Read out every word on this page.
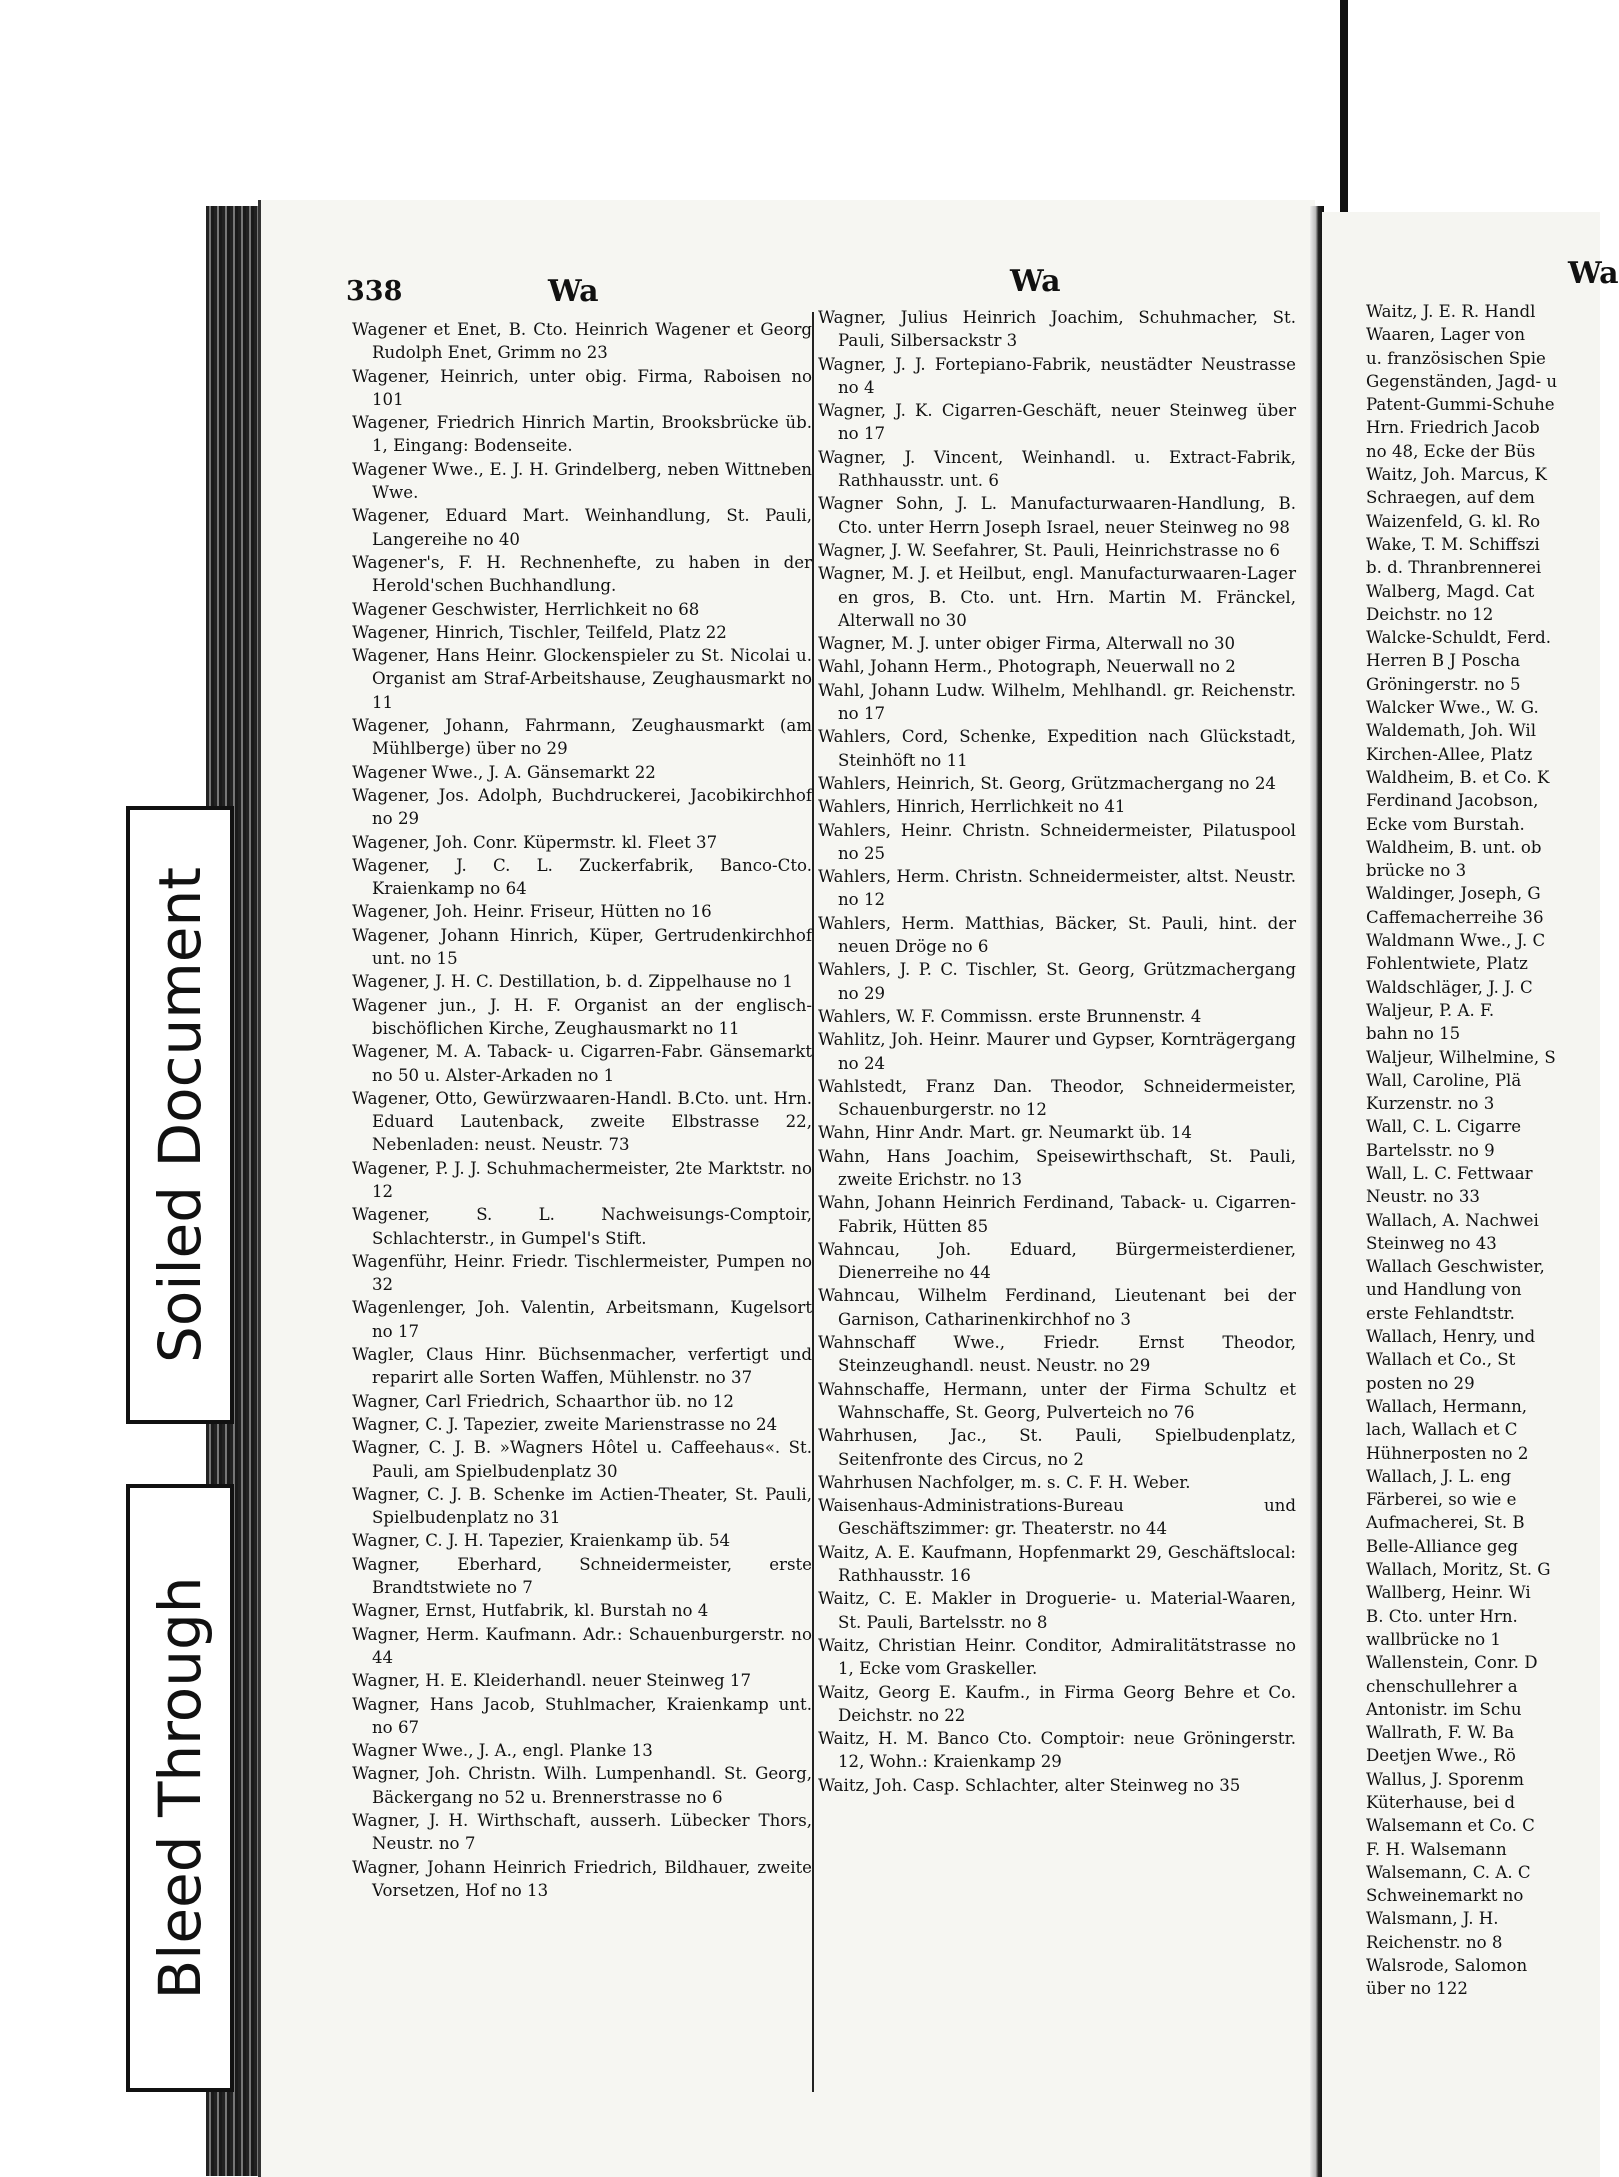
Soiled Document
Bleed Through
338	Wa	Wa	Wa
Wagener et Enet, B. Cto. Heinrich Wagener et Georg Rudolph Enet, Grimm no 23
Wagener, Heinrich, unter obig. Firma, Raboisen no 101
Wagener, Friedrich Hinrich Martin, Brooksbrücke üb. 1, Eingang: Bodenseite.
Wagener Wwe., E. J. H. Grindelberg, neben Wittneben Wwe.
Wagener, Eduard Mart. Weinhandlung, St. Pauli, Langereihe no 40
Wagener's, F. H. Rechnenhefte, zu haben in der Herold'schen Buchhandlung.
Wagener Geschwister, Herrlichkeit no 68
Wagener, Hinrich, Tischler, Teilfeld, Platz 22
Wagener, Hans Heinr. Glockenspieler zu St. Nicolai u. Organist am Straf-Arbeitshause, Zeughausmarkt no 11
Wagener, Johann, Fahrmann, Zeughausmarkt (am Mühlberge) über no 29
Wagener Wwe., J. A. Gänsemarkt 22
Wagener, Jos. Adolph, Buchdruckerei, Jacobikirchhof no 29
Wagener, Joh. Conr. Küpermstr. kl. Fleet 37
Wagener, J. C. L. Zuckerfabrik, Banco-Cto. Kraienkamp no 64
Wagener, Joh. Heinr. Friseur, Hütten no 16
Wagener, Johann Hinrich, Küper, Gertrudenkirchhof unt. no 15
Wagener, J. H. C. Destillation, b. d. Zippelhause no 1
Wagener jun., J. H. F. Organist an der englisch-bischöflichen Kirche, Zeughausmarkt no 11
Wagener, M. A. Taback- u. Cigarren-Fabr. Gänsemarkt no 50 u. Alster-Arkaden no 1
Wagener, Otto, Gewürzwaaren-Handl. B.Cto. unt. Hrn. Eduard Lautenback, zweite Elbstrasse 22, Nebenladen: neust. Neustr. 73
Wagener, P. J. J. Schuhmachermeister, 2te Marktstr. no 12
Wagener, S. L. Nachweisungs-Comptoir, Schlachterstr., in Gumpel's Stift.
Wagenführ, Heinr. Friedr. Tischlermeister, Pumpen no 32
Wagenlenger, Joh. Valentin, Arbeitsmann, Kugelsort no 17
Wagler, Claus Hinr. Büchsenmacher, verfertigt und reparirt alle Sorten Waffen, Mühlenstr. no 37
Wagner, Carl Friedrich, Schaarthor üb. no 12
Wagner, C. J. Tapezier, zweite Marienstrasse no 24
Wagner, C. J. B. »Wagners Hôtel u. Caffeehaus«. St. Pauli, am Spielbudenplatz 30
Wagner, C. J. B. Schenke im Actien-Theater, St. Pauli, Spielbudenplatz no 31
Wagner, C. J. H. Tapezier, Kraienkamp üb. 54
Wagner, Eberhard, Schneidermeister, erste Brandtstwiete no 7
Wagner, Ernst, Hutfabrik, kl. Burstah no 4
Wagner, Herm. Kaufmann. Adr.: Schauenburgerstr. no 44
Wagner, H. E. Kleiderhandl. neuer Steinweg 17
Wagner, Hans Jacob, Stuhlmacher, Kraienkamp unt. no 67
Wagner Wwe., J. A., engl. Planke 13
Wagner, Joh. Christn. Wilh. Lumpenhandl. St. Georg, Bäckergang no 52 u. Brennerstrasse no 6
Wagner, J. H. Wirthschaft, ausserh. Lübecker Thors, Neustr. no 7
Wagner, Johann Heinrich Friedrich, Bildhauer, zweite Vorsetzen, Hof no 13
Wagner, Julius Heinrich Joachim, Schuhmacher, St. Pauli, Silbersackstr 3
Wagner, J. J. Fortepiano-Fabrik, neustädter Neustrasse no 4
Wagner, J. K. Cigarren-Geschäft, neuer Steinweg über no 17
Wagner, J. Vincent, Weinhandl. u. Extract-Fabrik, Rathhausstr. unt. 6
Wagner Sohn, J. L. Manufacturwaaren-Handlung, B. Cto. unter Herrn Joseph Israel, neuer Steinweg no 98
Wagner, J. W. Seefahrer, St. Pauli, Heinrichstrasse no 6
Wagner, M. J. et Heilbut, engl. Manufacturwaaren-Lager en gros, B. Cto. unt. Hrn. Martin M. Fränckel, Alterwall no 30
Wagner, M. J. unter obiger Firma, Alterwall no 30
Wahl, Johann Herm., Photograph, Neuerwall no 2
Wahl, Johann Ludw. Wilhelm, Mehlhandl. gr. Reichenstr. no 17
Wahlers, Cord, Schenke, Expedition nach Glückstadt, Steinhöft no 11
Wahlers, Heinrich, St. Georg, Grützmachergang no 24
Wahlers, Hinrich, Herrlichkeit no 41
Wahlers, Heinr. Christn. Schneidermeister, Pilatuspool no 25
Wahlers, Herm. Christn. Schneidermeister, altst. Neustr. no 12
Wahlers, Herm. Matthias, Bäcker, St. Pauli, hint. der neuen Dröge no 6
Wahlers, J. P. C. Tischler, St. Georg, Grützmachergang no 29
Wahlers, W. F. Commissn. erste Brunnenstr. 4
Wahlitz, Joh. Heinr. Maurer und Gypser, Kornträgergang no 24
Wahlstedt, Franz Dan. Theodor, Schneidermeister, Schauenburgerstr. no 12
Wahn, Hinr Andr. Mart. gr. Neumarkt üb. 14
Wahn, Hans Joachim, Speisewirthschaft, St. Pauli, zweite Erichstr. no 13
Wahn, Johann Heinrich Ferdinand, Taback- u. Cigarren-Fabrik, Hütten 85
Wahncau, Joh. Eduard, Bürgermeisterdiener, Dienerreihe no 44
Wahncau, Wilhelm Ferdinand, Lieutenant bei der Garnison, Catharinenkirchhof no 3
Wahnschaff Wwe., Friedr. Ernst Theodor, Steinzeughandl. neust. Neustr. no 29
Wahnschaffe, Hermann, unter der Firma Schultz et Wahnschaffe, St. Georg, Pulverteich no 76
Wahrhusen, Jac., St. Pauli, Spielbudenplatz, Seitenfronte des Circus, no 2
Wahrhusen Nachfolger, m. s. C. F. H. Weber.
Waisenhaus-Administrations-Bureau und Geschäftszimmer: gr. Theaterstr. no 44
Waitz, A. E. Kaufmann, Hopfenmarkt 29, Geschäftslocal: Rathhausstr. 16
Waitz, C. E. Makler in Droguerie- u. Material-Waaren, St. Pauli, Bartelsstr. no 8
Waitz, Christian Heinr. Conditor, Admiralitätstrasse no 1, Ecke vom Graskeller.
Waitz, Georg E. Kaufm., in Firma Georg Behre et Co. Deichstr. no 22
Waitz, H. M. Banco Cto. Comptoir: neue Gröningerstr. 12, Wohn.: Kraienkamp 29
Waitz, Joh. Casp. Schlachter, alter Steinweg no 35
Waitz, J. E. R. Handl
Waaren, Lager von
u. französischen Spie
Gegenständen, Jagd- u
Patent-Gummi-Schuhe
Hrn. Friedrich Jacob
no 48, Ecke der Büs
Waitz, Joh. Marcus, K
Schraegen, auf dem
Waizenfeld, G. kl. Ro
Wake, T. M. Schiffszi
b. d. Thranbrennerei
Walberg, Magd. Cat
Deichstr. no 12
Walcke-Schuldt, Ferd.
Herren B J Poscha
Gröningerstr. no 5
Walcker Wwe., W. G.
Waldemath, Joh. Wil
Kirchen-Allee, Platz
Waldheim, B. et Co. K
Ferdinand Jacobson,
Ecke vom Burstah.
Waldheim, B. unt. ob
brücke no 3
Waldinger, Joseph, G
Caffemacherreihe 36
Waldmann Wwe., J. C
Fohlentwiete, Platz
Waldschläger, J. J. C
Waljeur, P. A. F.
bahn no 15
Waljeur, Wilhelmine, S
Wall, Caroline, Plä
Kurzenstr. no 3
Wall, C. L. Cigarre
Bartelsstr. no 9
Wall, L. C. Fettwaar
Neustr. no 33
Wallach, A. Nachwei
Steinweg no 43
Wallach Geschwister,
und Handlung von
erste Fehlandtstr.
Wallach, Henry, und
Wallach et Co., St
posten no 29
Wallach, Hermann,
lach, Wallach et C
Hühnerposten no 2
Wallach, J. L. eng
Färberei, so wie e
Aufmacherei, St. B
Belle-Alliance geg
Wallach, Moritz, St. G
Wallberg, Heinr. Wi
B. Cto. unter Hrn.
wallbrücke no 1
Wallenstein, Conr. D
chenschullehrer a
Antonistr. im Schu
Wallrath, F. W. Ba
Deetjen Wwe., Rö
Wallus, J. Sporenm
Küterhause, bei d
Walsemann et Co. C
F. H. Walsemann
Walsemann, C. A. C
Schweinemarkt no
Walsmann, J. H.
Reichenstr. no 8
Walsrode, Salomon
über no 122
